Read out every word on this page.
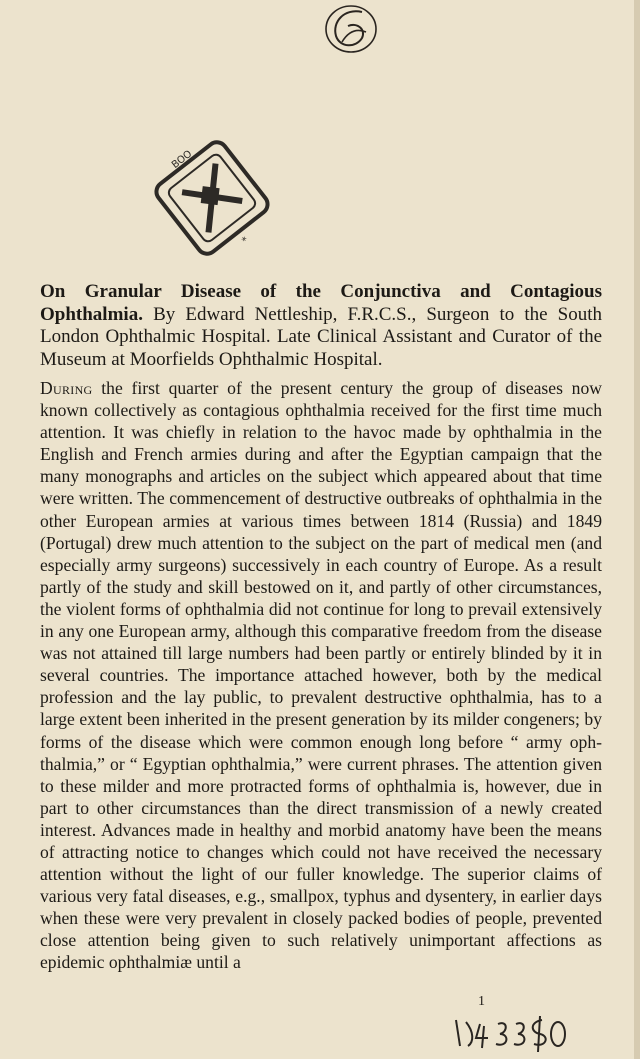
BOO
*
On Granular Disease of the Conjunctiva and Contagious Ophthalmia. By Edward Nettleship, F.R.C.S., Surgeon to the South London Ophthalmic Hospital. Late Clinical Assistant and Curator of the Museum at Moorfields Ophthalmic Hospital.
During the first quarter of the present century the group of diseases now known collectively as contagious ophthalmia received for the first time much attention. It was chiefly in relation to the havoc made by ophthalmia in the English and French armies during and after the Egyptian campaign that the many monographs and articles on the subject which appeared about that time were written. The commencement of destructive outbreaks of ophthalmia in the other European armies at various times between 1814 (Russia) and 1849 (Portugal) drew much attention to the subject on the part of medical men (and especially army surgeons) successively in each country of Europe. As a result partly of the study and skill bestowed on it, and partly of other circumstances, the violent forms of ophthalmia did not continue for long to prevail extensively in any one European army, although this comparative freedom from the disease was not attained till large numbers had been partly or entirely blinded by it in several countries. The importance attached however, both by the medical profession and the lay public, to prevalent destructive ophthalmia, has to a large extent been inherited in the present generation by its milder congeners; by forms of the disease which were common enough long before “ army ophthalmia,” or “ Egyptian ophthalmia,” were current phrases. The attention given to these milder and more protracted forms of ophthalmia is, however, due in part to other circumstances than the direct transmission of a newly created interest. Advances made in healthy and morbid anatomy have been the means of attracting notice to changes which could not have received the necessary attention without the light of our fuller knowledge. The superior claims of various very fatal diseases, e.g., smallpox, typhus and dysentery, in earlier days when these were very prevalent in closely packed bodies of people, prevented close attention being given to such relatively unimportant affections as epidemic ophthalmiæ until a
1
